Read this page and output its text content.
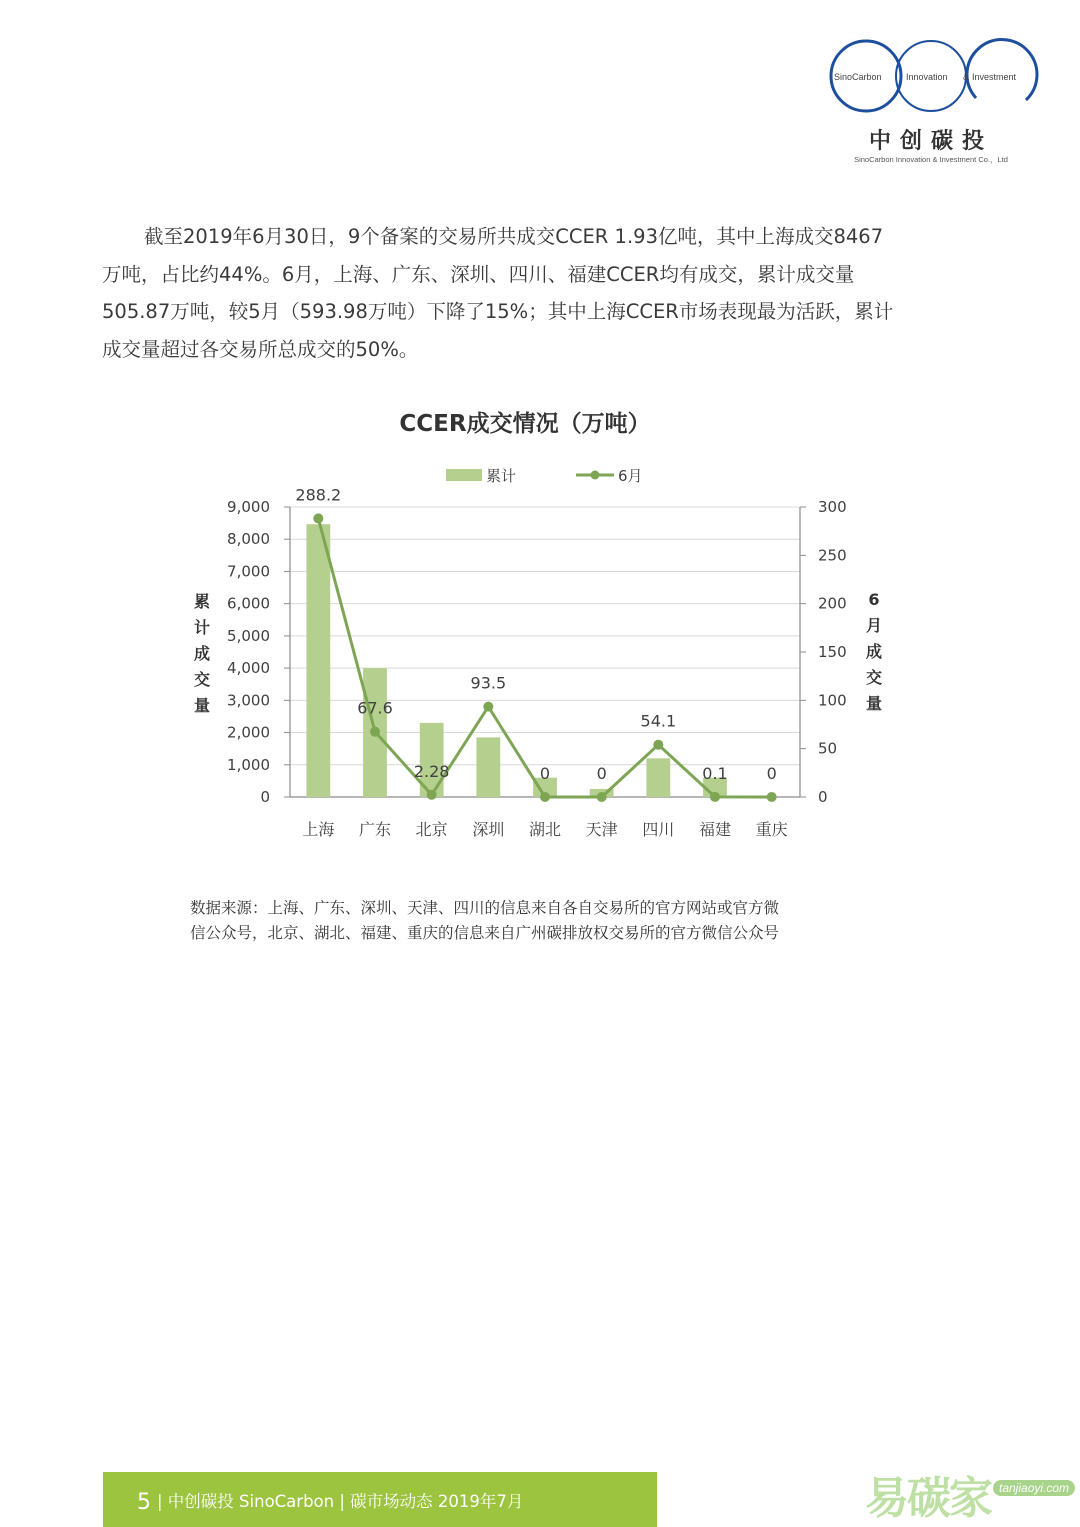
SinoCarbon	Innovation & Investment
中创碳投
SinoCarbon Innovation & Investment Co.，Ltd
截至2019年6月30日，9个备案的交易所共成交CCER 1.93亿吨，其中上海成交8467
万吨，占比约44%。6月，上海、广东、深圳、四川、福建CCER均有成交，累计成交量
505.87万吨，较5月（593.98万吨）下降了15%；其中上海CCER市场表现最为活跃，累计
成交量超过各交易所总成交的50%。
CCER成交情况（万吨）
累计	6月
0
1,000
2,000
3,000
4,000
5,000
6,000
7,000
8,000
9,000
0
50
100
150
200
250
300
累
计
成
交
量
6
月
成
交
量
上海 广东 北京 深圳 湖北 天津 四川 福建 重庆
288.2
67.6
2.28
93.5
0	0
54.1
0.1 0
数据来源：上海、广东、深圳、天津、四川的信息来自各自交易所的官方网站或官方微
信公众号，北京、湖北、福建、重庆的信息来自广州碳排放权交易所的官方微信公众号
5 | 中创碳投 SinoCarbon | 碳市场动态 2019年7月	易碳家 tanjiaoyi.com
